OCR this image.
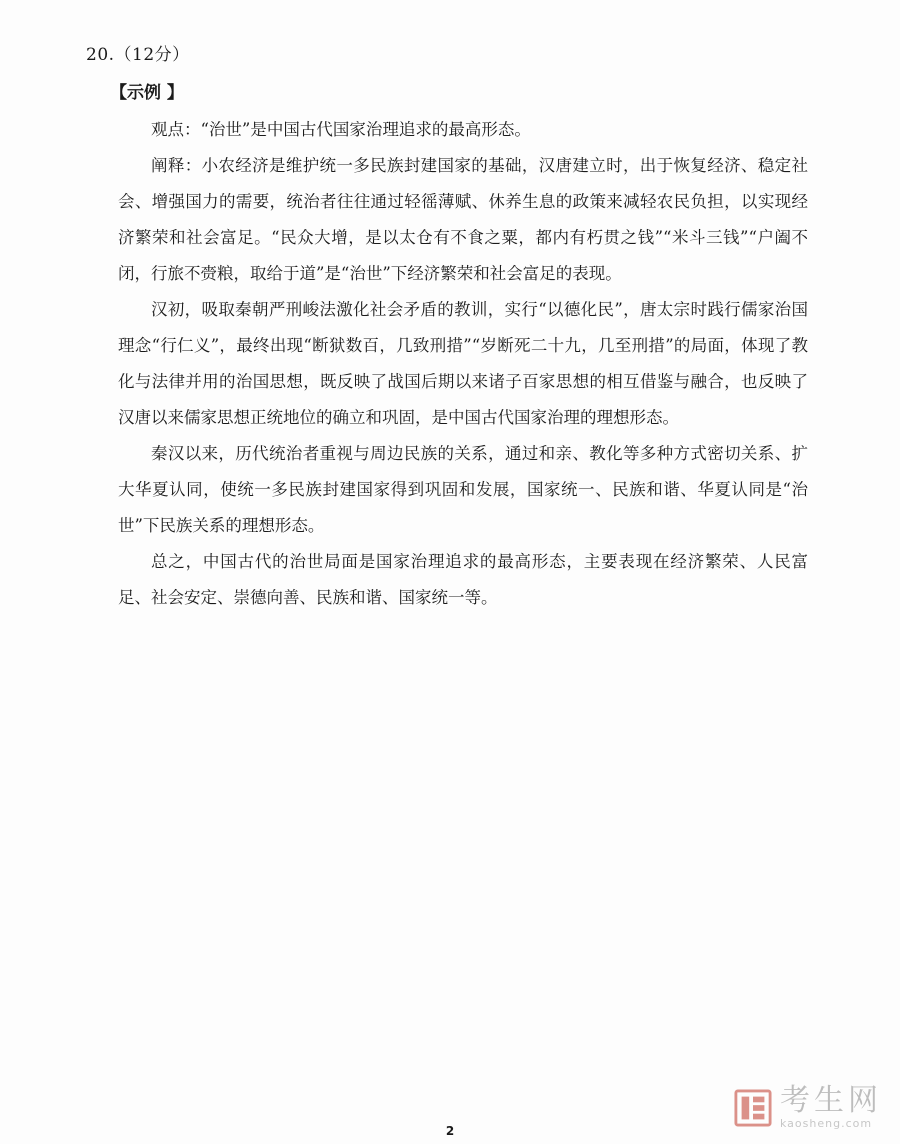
20.（12分）
【示例 】

观点：“治世”是中国古代国家治理追求的最高形态。

阐释：小农经济是维护统一多民族封建国家的基础，汉唐建立时，出于恢复经济、稳定社会、增强国力的需要，统治者往往通过轻徭薄赋、休养生息的政策来减轻农民负担，以实现经济繁荣和社会富足。“民众大增，是以太仓有不食之粟，都内有朽贯之钱”“米斗三钱”“户阖不闭，行旅不赍粮，取给于道”是“治世”下经济繁荣和社会富足的表现。

汉初，吸取秦朝严刑峻法激化社会矛盾的教训，实行“以德化民”，唐太宗时践行儒家治国理念“行仁义”，最终出现“断狱数百，几致刑措”“岁断死二十九，几至刑措”的局面，体现了教化与法律并用的治国思想，既反映了战国后期以来诸子百家思想的相互借鉴与融合，也反映了汉唐以来儒家思想正统地位的确立和巩固，是中国古代国家治理的理想形态。

秦汉以来，历代统治者重视与周边民族的关系，通过和亲、教化等多种方式密切关系、扩大华夏认同，使统一多民族封建国家得到巩固和发展，国家统一、民族和谐、华夏认同是“治世”下民族关系的理想形态。

总之，中国古代的治世局面是国家治理追求的最高形态，主要表现在经济繁荣、人民富足、社会安定、崇德向善、民族和谐、国家统一等。

考生网
kaosheng.com
2
